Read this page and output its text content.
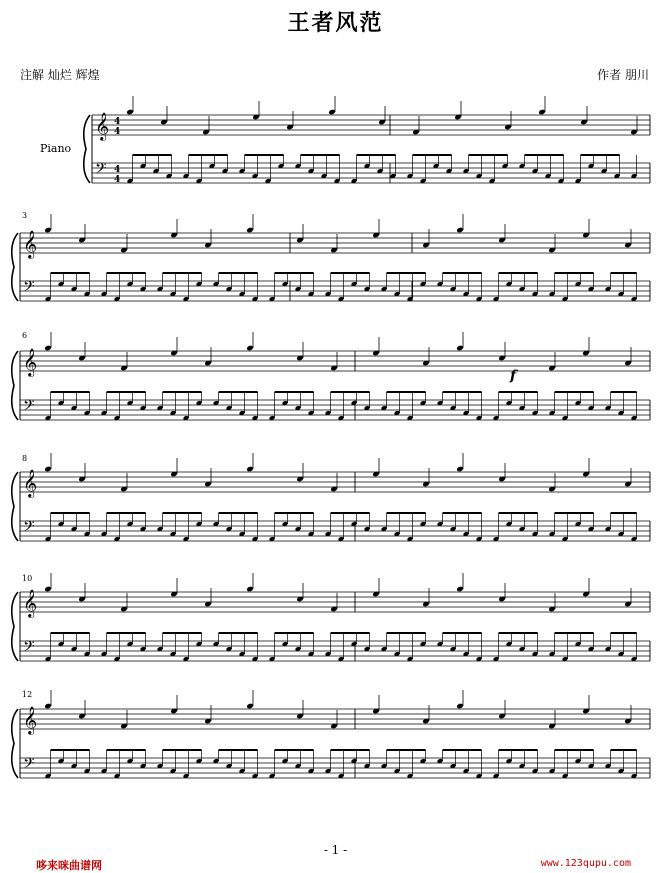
王者风范
注解 灿烂 辉煌	作者 朋川
Piano
3
6
8
10
12
𝄞
𝄢
4
4
4
4
𝄞
𝄢
𝄞
𝄢
𝄞
𝄢
𝄞
𝄢
𝄞
𝄢
f
- 1 -
哆来咪曲谱网	www.123qupu.com
